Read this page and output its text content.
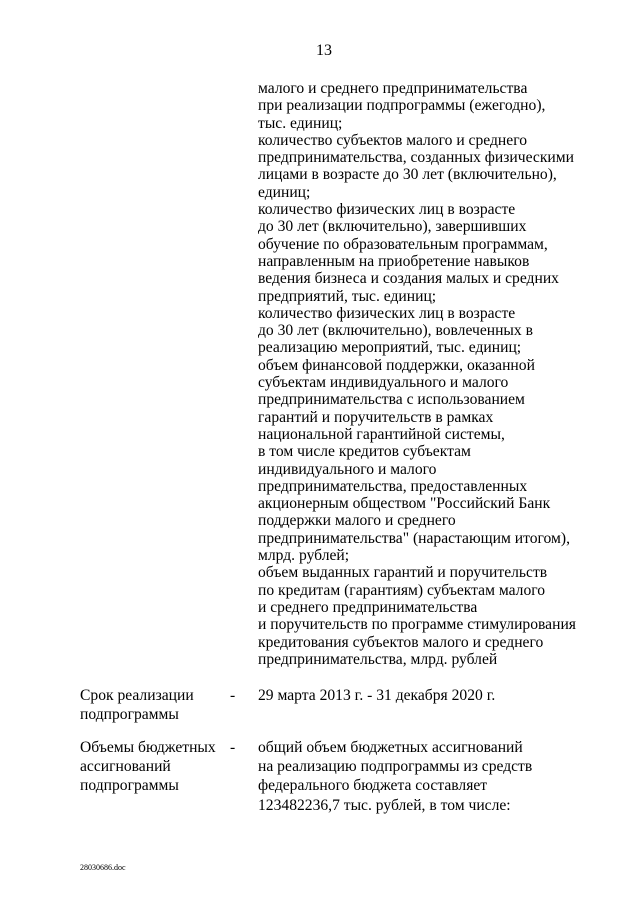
13
малого и среднего предпринимательства
при реализации подпрограммы (ежегодно),
тыс. единиц;
количество субъектов малого и среднего
предпринимательства, созданных физическими
лицами в возрасте до 30 лет (включительно),
единиц;
количество физических лиц в возрасте
до 30 лет (включительно), завершивших
обучение по образовательным программам,
направленным на приобретение навыков
ведения бизнеса и создания малых и средних
предприятий, тыс. единиц;
количество физических лиц в возрасте
до 30 лет (включительно), вовлеченных в
реализацию мероприятий, тыс. единиц;
объем финансовой поддержки, оказанной
субъектам индивидуального и малого
предпринимательства с использованием
гарантий и поручительств в рамках
национальной гарантийной системы,
в том числе кредитов субъектам
индивидуального и малого
предпринимательства, предоставленных
акционерным обществом "Российский Банк
поддержки малого и среднего
предпринимательства" (нарастающим итогом),
млрд. рублей;
объем выданных гарантий и поручительств
по кредитам (гарантиям) субъектам малого
и среднего предпринимательства
и поручительств по программе стимулирования
кредитования субъектов малого и среднего
предпринимательства, млрд. рублей
Срок реализации
подпрограммы
- 29 марта 2013 г. - 31 декабря 2020 г.
Объемы бюджетных
ассигнований
подпрограммы
- общий объем бюджетных ассигнований
на реализацию подпрограммы из средств
федерального бюджета составляет
123482236,7 тыс. рублей, в том числе:
28030686.doc
